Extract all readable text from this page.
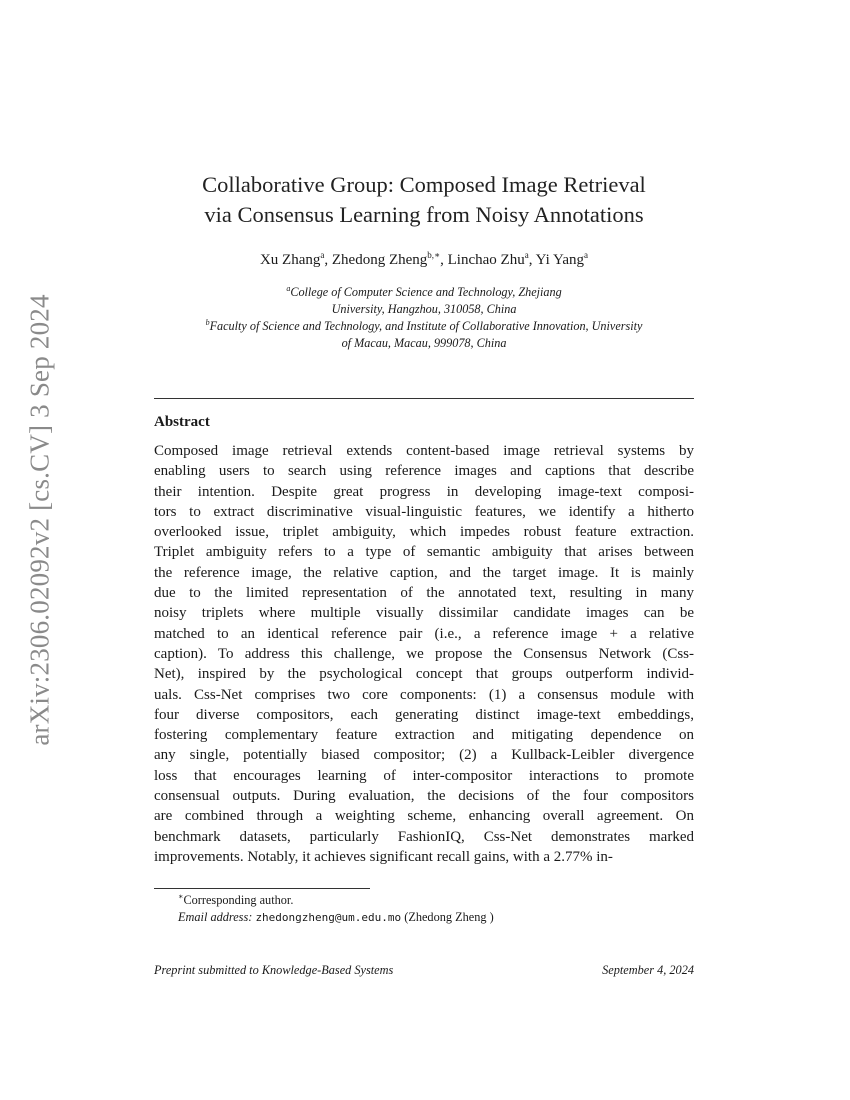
arXiv:2306.02092v2 [cs.CV] 3 Sep 2024
Collaborative Group: Composed Image Retrieval
via Consensus Learning from Noisy Annotations
Xu Zhang$^a$, Zhedong Zheng$^{b,∗}$, Linchao Zhu$^a$, Yi Yang$^a$
$^a$College of Computer Science and Technology, Zhejiang
University, Hangzhou, 310058, China
$^b$Faculty of Science and Technology, and Institute of Collaborative Innovation, University
of Macau, Macau, 999078, China
Abstract
Composed image retrieval extends content-based image retrieval systems by
enabling users to search using reference images and captions that describe
their intention. Despite great progress in developing image-text composi-
tors to extract discriminative visual-linguistic features, we identify a hitherto
overlooked issue, triplet ambiguity, which impedes robust feature extraction.
Triplet ambiguity refers to a type of semantic ambiguity that arises between
the reference image, the relative caption, and the target image. It is mainly
due to the limited representation of the annotated text, resulting in many
noisy triplets where multiple visually dissimilar candidate images can be
matched to an identical reference pair (i.e., a reference image + a relative
caption). To address this challenge, we propose the Consensus Network (Css-
Net), inspired by the psychological concept that groups outperform individ-
uals. Css-Net comprises two core components: (1) a consensus module with
four diverse compositors, each generating distinct image-text embeddings,
fostering complementary feature extraction and mitigating dependence on
any single, potentially biased compositor; (2) a Kullback-Leibler divergence
loss that encourages learning of inter-compositor interactions to promote
consensual outputs. During evaluation, the decisions of the four compositors
are combined through a weighting scheme, enhancing overall agreement. On
benchmark datasets, particularly FashionIQ, Css-Net demonstrates marked
improvements. Notably, it achieves significant recall gains, with a 2.77% in-
∗Corresponding author.
Email address: zhedongzheng@um.edu.mo (Zhedong Zheng )
Preprint submitted to Knowledge-Based Systems	September 4, 2024
